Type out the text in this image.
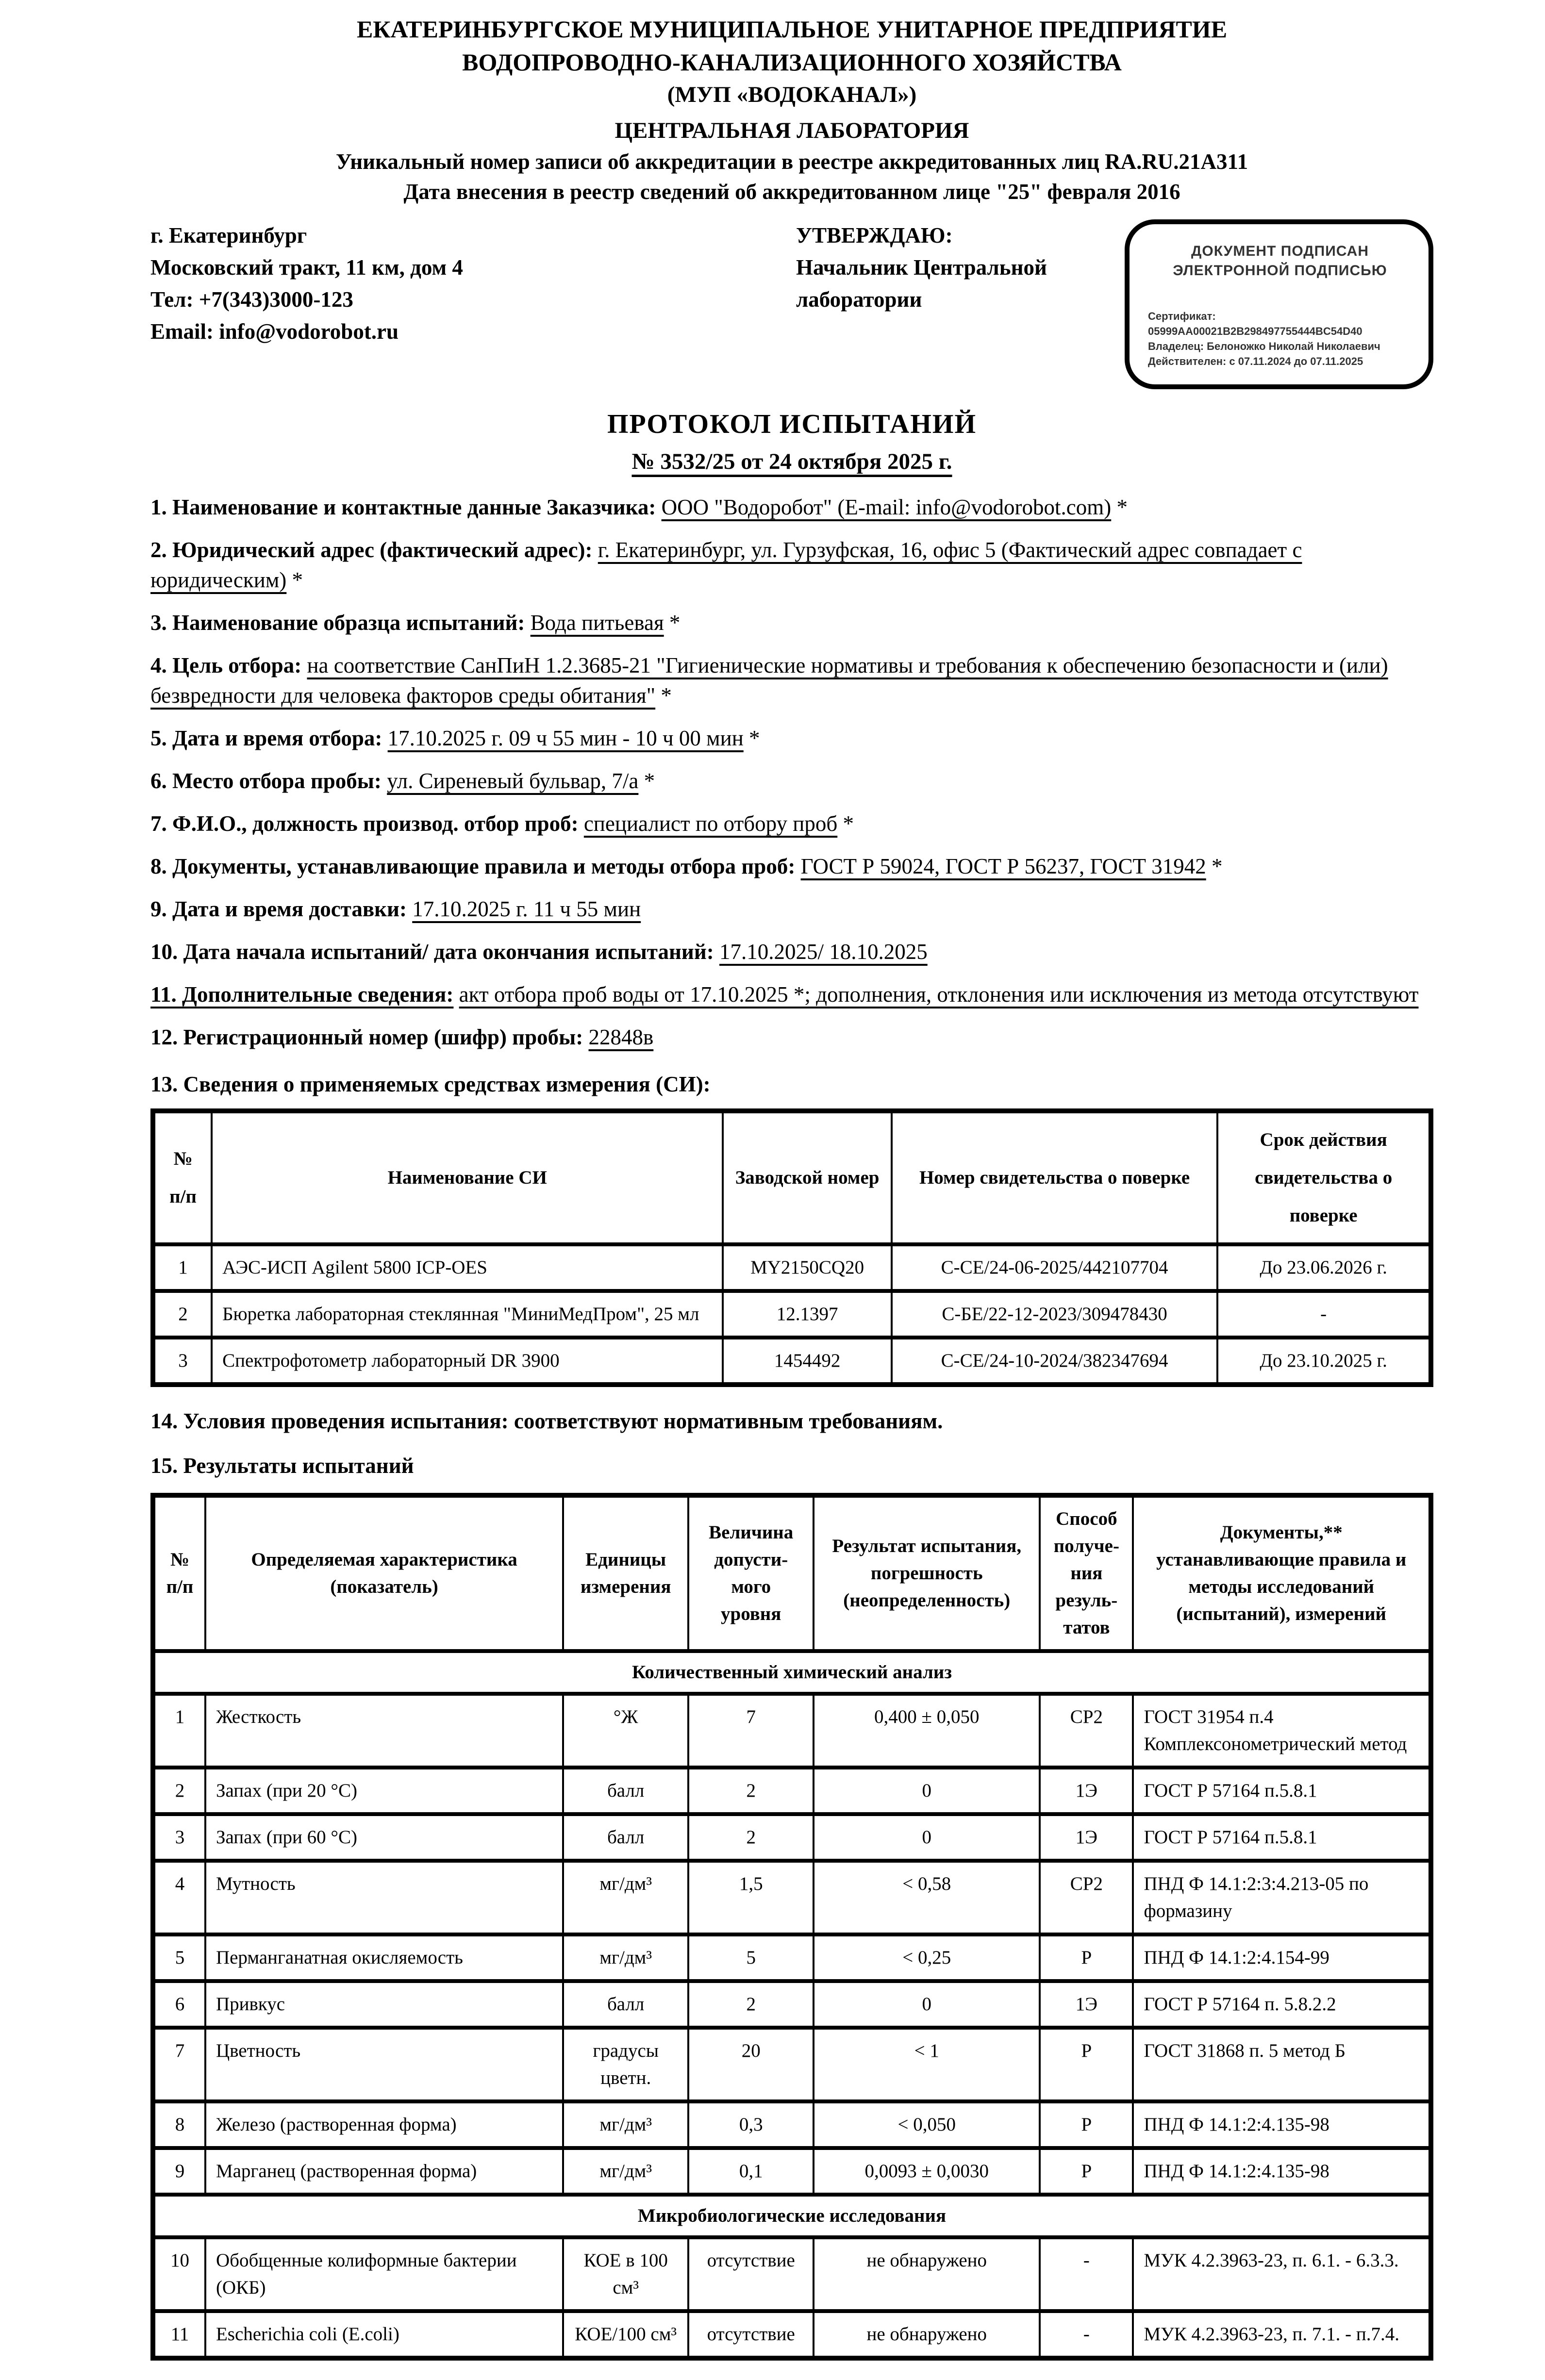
ЕКАТЕРИНБУРГСКОЕ МУНИЦИПАЛЬНОЕ УНИТАРНОЕ ПРЕДПРИЯТИЕ
ВОДОПРОВОДНО-КАНАЛИЗАЦИОННОГО ХОЗЯЙСТВА
(МУП «ВОДОКАНАЛ»)
ЦЕНТРАЛЬНАЯ ЛАБОРАТОРИЯ
Уникальный номер записи об аккредитации в реестре аккредитованных лиц RA.RU.21А311
Дата внесения в реестр сведений об аккредитованном лице "25" февраля 2016
г. Екатеринбург
Московский тракт, 11 км, дом 4
Тел: +7(343)3000-123
Email: info@vodorobot.ru
УТВЕРЖДАЮ:
Начальник Центральной
лаборатории
ДОКУМЕНТ ПОДПИСАН
ЭЛЕКТРОННОЙ ПОДПИСЬЮ
Сертификат: 05999AA00021B2B298497755444BC54D40
Владелец: Белоножко Николай Николаевич
Действителен: с 07.11.2024 до 07.11.2025
ПРОТОКОЛ ИСПЫТАНИЙ
№ 3532/25 от 24 октября 2025 г.

1. Наименование и контактные данные Заказчика: ООО "Водоробот" (E-mail: info@vodorobot.com) *

2. Юридический адрес (фактический адрес): г. Екатеринбург, ул. Гурзуфская, 16, офис 5 (Фактический адрес совпадает с юридическим) *

3. Наименование образца испытаний: Вода питьевая *

4. Цель отбора: на соответствие СанПиН 1.2.3685-21 "Гигиенические нормативы и требования к обеспечению безопасности и (или) безвредности для человека факторов среды обитания" *

5. Дата и время отбора: 17.10.2025 г. 09 ч 55 мин - 10 ч 00 мин *

6. Место отбора пробы: ул. Сиреневый бульвар, 7/а *

7. Ф.И.О., должность производ. отбор проб: специалист по отбору проб *

8. Документы, устанавливающие правила и методы отбора проб: ГОСТ Р 59024, ГОСТ Р 56237, ГОСТ 31942 *

9. Дата и время доставки: 17.10.2025 г. 11 ч 55 мин

10. Дата начала испытаний/ дата окончания испытаний: 17.10.2025/ 18.10.2025

11. Дополнительные сведения: акт отбора проб воды от 17.10.2025 *; дополнения, отклонения или исключения из метода отсутствуют

12. Регистрационный номер (шифр) пробы: 22848в

13. Сведения о применяемых средствах измерения (СИ):

№ п/п	Наименование СИ	Заводской номер	Номер свидетельства о поверке	Срок действия свидетельства о поверке
1	АЭС-ИСП Agilent 5800 ICP-OES	MY2150CQ20	С-СЕ/24-06-2025/442107704	До 23.06.2026 г.
2	Бюретка лабораторная стеклянная "МиниМедПром", 25 мл	12.1397	С-БЕ/22-12-2023/309478430	-
3	Спектрофотометр лабораторный DR 3900	1454492	С-СЕ/24-10-2024/382347694	До 23.10.2025 г.

14. Условия проведения испытания: соответствуют нормативным требованиям.

15. Результаты испытаний

№ п/п	Определяемая характеристика (показатель)	Единицы измерения	Величина допусти- мого уровня	Результат испытания, погрешность (неопределенность)	Способ получе- ния резуль- татов	Документы,** устанавливающие правила и методы исследований (испытаний), измерений
Количественный химический анализ						
1	Жесткость	°Ж	7	0,400 ± 0,050	СР2	ГОСТ 31954 п.4 Комплексонометрический метод
2	Запах (при 20 °С)	балл	2	0	1Э	ГОСТ Р 57164 п.5.8.1
3	Запах (при 60 °С)	балл	2	0	1Э	ГОСТ Р 57164 п.5.8.1
4	Мутность	мг/дм³	1,5	< 0,58	СР2	ПНД Ф 14.1:2:3:4.213-05 по формазину
5	Перманганатная окисляемость	мг/дм³	5	< 0,25	Р	ПНД Ф 14.1:2:4.154-99
6	Привкус	балл	2	0	1Э	ГОСТ Р 57164 п. 5.8.2.2
7	Цветность	градусы цветн.	20	< 1	Р	ГОСТ 31868 п. 5 метод Б
8	Железо (растворенная форма)	мг/дм³	0,3	< 0,050	Р	ПНД Ф 14.1:2:4.135-98
9	Марганец (растворенная форма)	мг/дм³	0,1	0,0093 ± 0,0030	Р	ПНД Ф 14.1:2:4.135-98
Микробиологические исследования						
10	Обобщенные колиформные бактерии (ОКБ)	КОЕ в 100 см³	отсутствие	не обнаружено	-	МУК 4.2.3963-23, п. 6.1. - 6.3.3.
11	Escherichia coli (E.coli)	КОЕ/100 см³	отсутствие	не обнаружено	-	МУК 4.2.3963-23, п. 7.1. - п.7.4.
